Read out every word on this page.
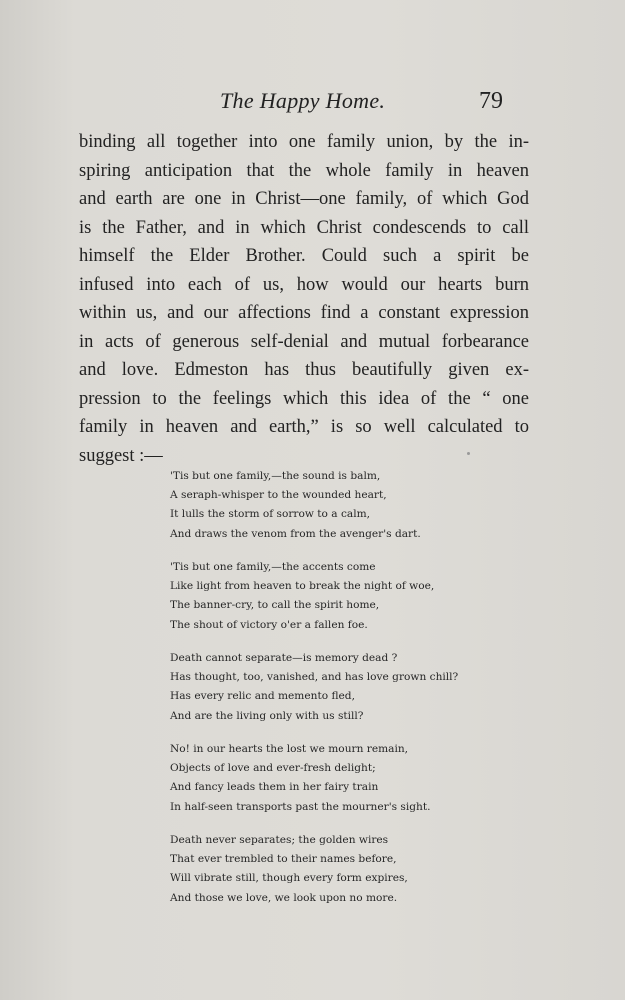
The Happy Home.	79
binding all together into one family union, by the in-
spiring anticipation that the whole family in heaven
and earth are one in Christ—one family, of which God
is the Father, and in which Christ condescends to call
himself the Elder Brother. Could such a spirit be
infused into each of us, how would our hearts burn
within us, and our affections find a constant expression
in acts of generous self-denial and mutual forbearance
and love. Edmeston has thus beautifully given ex-
pression to the feelings which this idea of the “ one
family in heaven and earth,” is so well calculated to
suggest :—
'Tis but one family,—the sound is balm,
A seraph-whisper to the wounded heart,
It lulls the storm of sorrow to a calm,
And draws the venom from the avenger's dart.
'Tis but one family,—the accents come
Like light from heaven to break the night of woe,
The banner-cry, to call the spirit home,
The shout of victory o'er a fallen foe.
Death cannot separate—is memory dead ?
Has thought, too, vanished, and has love grown chill?
Has every relic and memento fled,
And are the living only with us still?
No! in our hearts the lost we mourn remain,
Objects of love and ever-fresh delight;
And fancy leads them in her fairy train
In half-seen transports past the mourner's sight.
Death never separates; the golden wires
That ever trembled to their names before,
Will vibrate still, though every form expires,
And those we love, we look upon no more.
